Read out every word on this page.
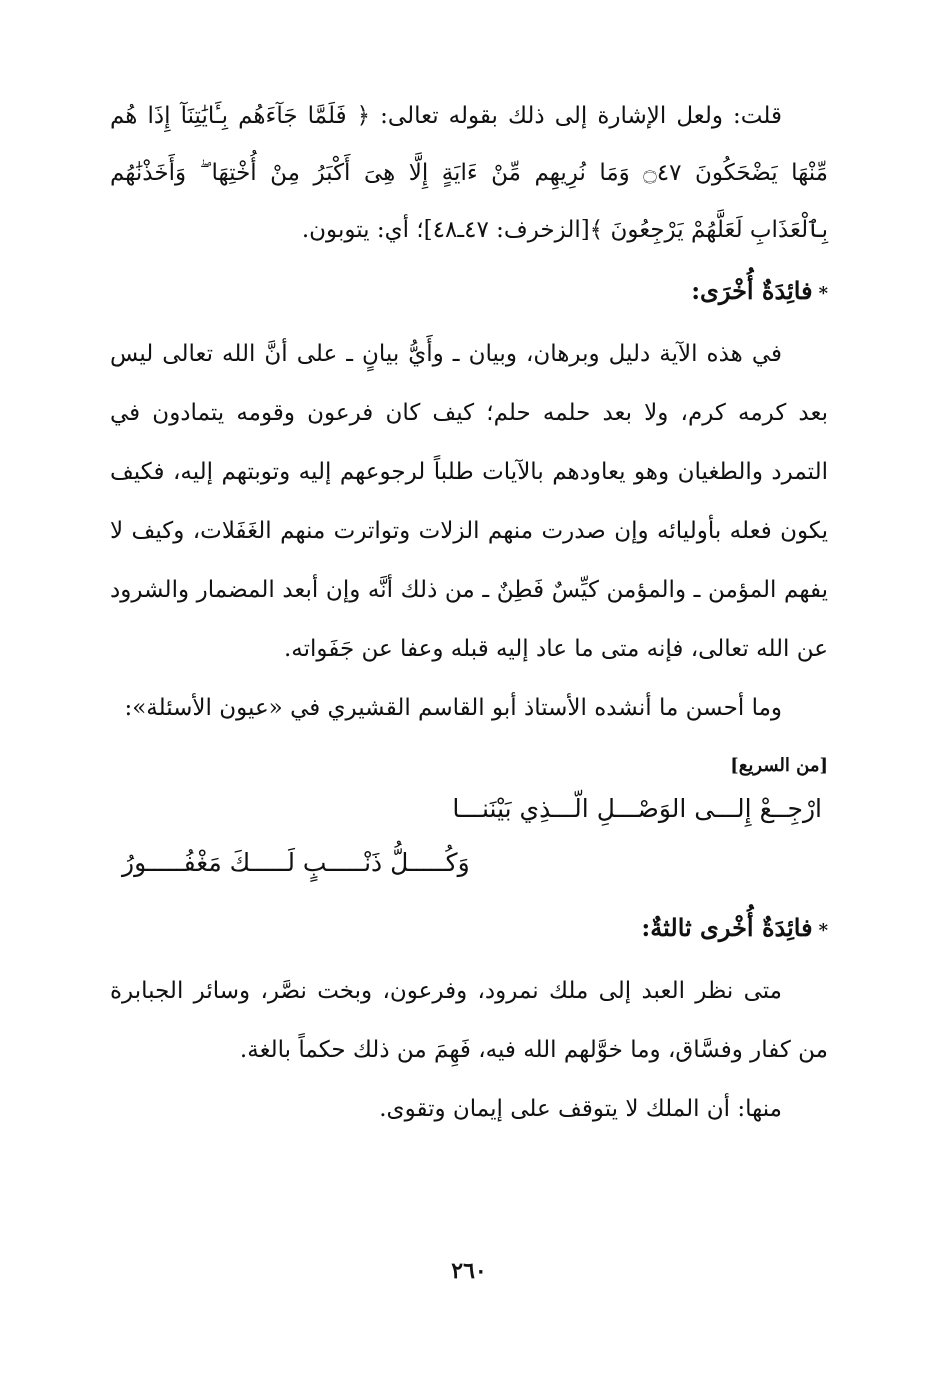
قلت: ولعل الإشارة إلى ذلك بقوله تعالى: ﴿ فَلَمَّا جَآءَهُم بِـَٔايَٰتِنَآ إِذَا هُم مِّنْهَا يَضْحَكُونَ ۝٤٧ وَمَا نُرِيهِم مِّنْ ءَايَةٍ إِلَّا هِىَ أَكْبَرُ مِنْ أُخْتِهَا ۖ وَأَخَذْنَٰهُم بِٱلْعَذَابِ لَعَلَّهُمْ يَرْجِعُونَ ﴾[الزخرف: ٤٧ـ٤٨]؛ أي: يتوبون.

*فائِدَةٌ أُخْرَى:

في هذه الآية دليل وبرهان، وبيان ـ وأَيُّ بيانٍ ـ على أنَّ الله تعالى ليس بعد كرمه كرم، ولا بعد حلمه حلم؛ كيف كان فرعون وقومه يتمادون في التمرد والطغيان وهو يعاودهم بالآيات طلباً لرجوعهم إليه وتوبتهم إليه، فكيف يكون فعله بأوليائه وإن صدرت منهم الزلات وتواترت منهم الغَفَلات، وكيف لا يفهم المؤمن ـ والمؤمن كيِّسٌ فَطِنٌ ـ من ذلك أنَّه وإن أبعد المضمار والشرود عن الله تعالى، فإنه متى ما عاد إليه قبله وعفا عن جَفَواته.

وما أحسن ما أنشده الأستاذ أبو القاسم القشيري في «عيون الأسئلة»:

[من السريع]

ارْجِــعْ إِلـــى الوَصْـــلِ الّـــذِي بَيْنَنـــا
وَكُـــــلُّ ذَنْـــــبٍ لَـــــكَ مَغْفُـــــورُ

*فائِدَةٌ أُخْرى ثالثةٌ:

متى نظر العبد إلى ملك نمرود، وفرعون، وبخت نصَّر، وسائر الجبابرة من كفار وفسَّاق، وما خوَّلهم الله فيه، فَهِمَ من ذلك حكماً بالغة.

منها: أن الملك لا يتوقف على إيمان وتقوى.

٢٦٠
